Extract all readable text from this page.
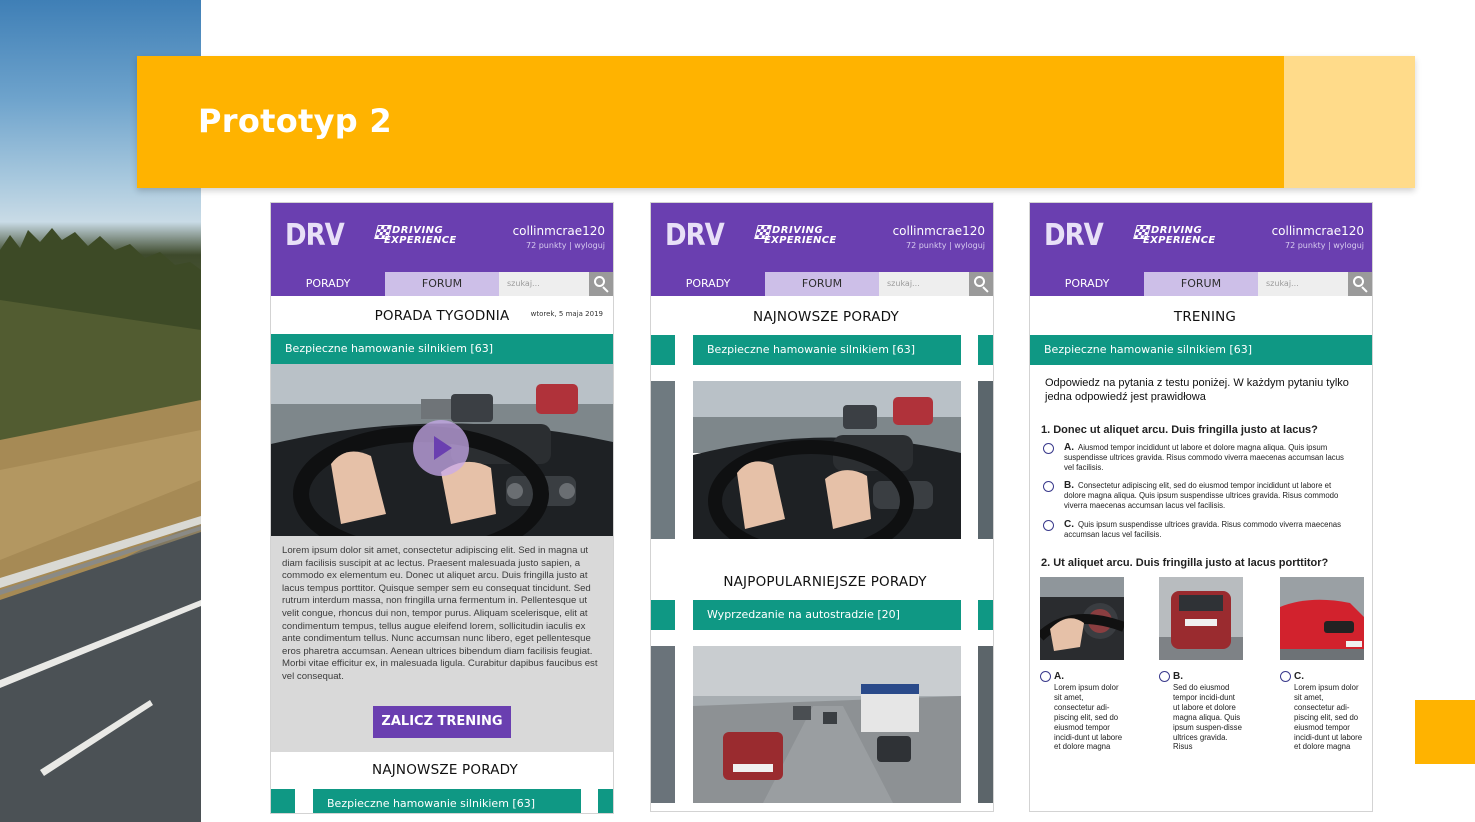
Prototyp 2
DRV	DRIVING
EXPERIENCE
collinmcrae120
72 punkty | wyloguj
PORADY	FORUM	szukaj...
PORADA TYGODNIA	wtorek, 5 maja 2019
Bezpieczne hamowanie silnikiem [63]
Lorem ipsum dolor sit amet, consectetur adipiscing elit. Sed in magna ut diam facilisis suscipit at ac lectus. Praesent malesuada justo sapien, a commodo ex elementum eu. Donec ut aliquet arcu. Duis fringilla justo at lacus tempus porttitor. Quisque semper sem eu consequat tincidunt. Sed rutrum interdum massa, non fringilla urna fermentum in. Pellentesque ut velit congue, rhoncus dui non, tempor purus. Aliquam scelerisque, elit at condimentum tempus, tellus augue eleifend lorem, sollicitudin iaculis ex ante condimentum tellus. Nunc accumsan nunc libero, eget pellentesque eros pharetra accumsan. Aenean ultrices bibendum diam facilisis feugiat. Morbi vitae efficitur ex, in malesuada ligula. Curabitur dapibus faucibus est vel consequat.
ZALICZ TRENING
NAJNOWSZE PORADY
Bezpieczne hamowanie silnikiem [63]
DRV	DRIVING
EXPERIENCE
collinmcrae120
72 punkty | wyloguj
PORADY	FORUM	szukaj...
NAJNOWSZE PORADY
Bezpieczne hamowanie silnikiem [63]
NAJPOPULARNIEJSZE PORADY
Wyprzedzanie na autostradzie [20]
DRV	DRIVING
EXPERIENCE
collinmcrae120
72 punkty | wyloguj
PORADY	FORUM	szukaj...
TRENING
Bezpieczne hamowanie silnikiem [63]
Odpowiedz na pytania z testu poniżej. W każdym pytaniu tylko jedna odpowiedź jest prawidłowa
1. Donec ut aliquet arcu. Duis fringilla justo at lacus?
A. Aiusmod tempor incididunt ut labore et dolore magna aliqua. Quis ipsum suspendisse ultrices gravida. Risus commodo viverra maecenas accumsan lacus vel facilisis.
B. Consectetur adipiscing elit, sed do eiusmod tempor incididunt ut labore et dolore magna aliqua. Quis ipsum suspendisse ultrices gravida. Risus commodo viverra maecenas accumsan lacus vel facilisis.
C. Quis ipsum suspendisse ultrices gravida. Risus commodo viverra maecenas accumsan lacus vel facilisis.
2. Ut aliquet arcu. Duis fringilla justo at lacus porttitor?
A.
Lorem ipsum dolor sit amet, consectetur adi-piscing elit, sed do eiusmod tempor incidi-dunt ut labore et dolore magna
B.
Sed do eiusmod tempor incidi-dunt ut labore et dolore magna aliqua. Quis ipsum suspen-disse ultrices gravida. Risus
C.
Lorem ipsum dolor sit amet, consectetur adi-piscing elit, sed do eiusmod tempor incidi-dunt ut labore et dolore magna
